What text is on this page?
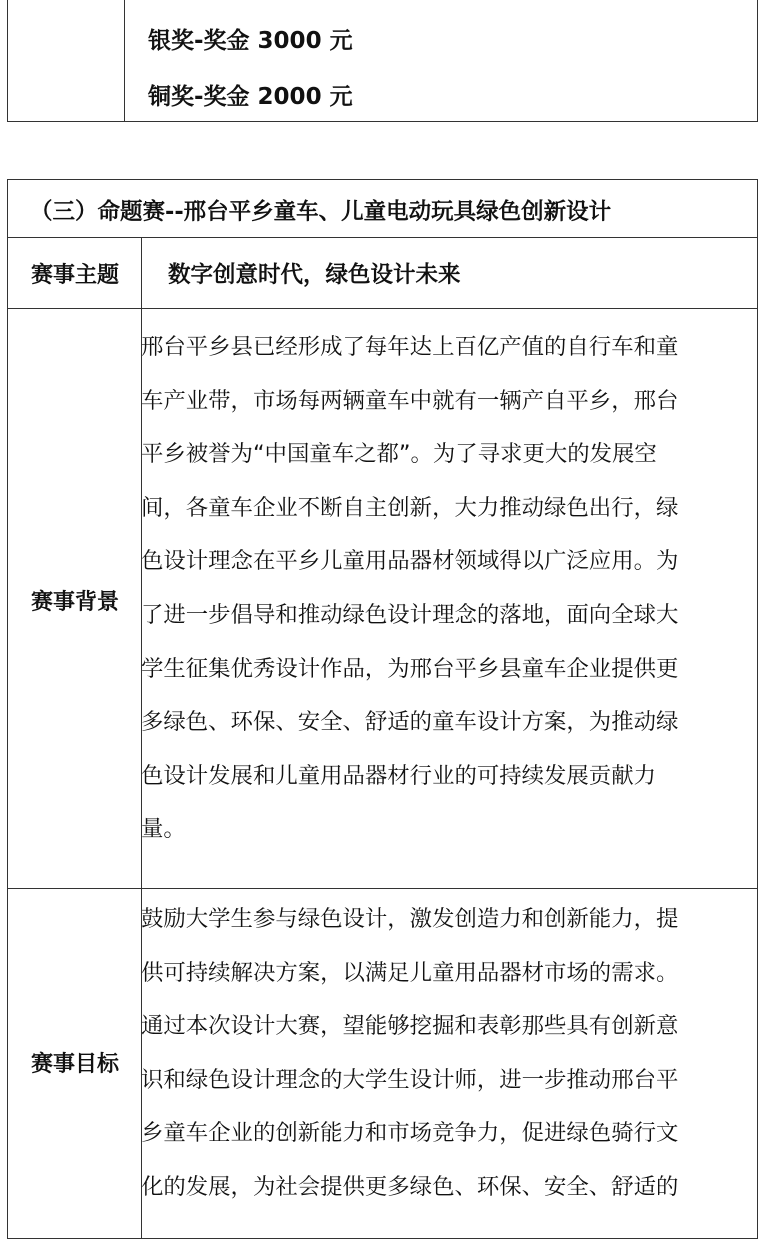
银奖-奖金 3000 元
铜奖-奖金 2000 元
（三）命题赛--邢台平乡童车、儿童电动玩具绿色创新设计
赛事主题	数字创意时代，绿色设计未来
赛事背景
邢台平乡县已经形成了每年达上百亿产值的自行车和童
车产业带，市场每两辆童车中就有一辆产自平乡，邢台
平乡被誉为“中国童车之都”。为了寻求更大的发展空
间，各童车企业不断自主创新，大力推动绿色出行，绿
色设计理念在平乡儿童用品器材领域得以广泛应用。为
了进一步倡导和推动绿色设计理念的落地，面向全球大
学生征集优秀设计作品，为邢台平乡县童车企业提供更
多绿色、环保、安全、舒适的童车设计方案，为推动绿
色设计发展和儿童用品器材行业的可持续发展贡献力
量。
赛事目标
鼓励大学生参与绿色设计，激发创造力和创新能力，提
供可持续解决方案，以满足儿童用品器材市场的需求。
通过本次设计大赛，望能够挖掘和表彰那些具有创新意
识和绿色设计理念的大学生设计师，进一步推动邢台平
乡童车企业的创新能力和市场竞争力，促进绿色骑行文
化的发展，为社会提供更多绿色、环保、安全、舒适的
